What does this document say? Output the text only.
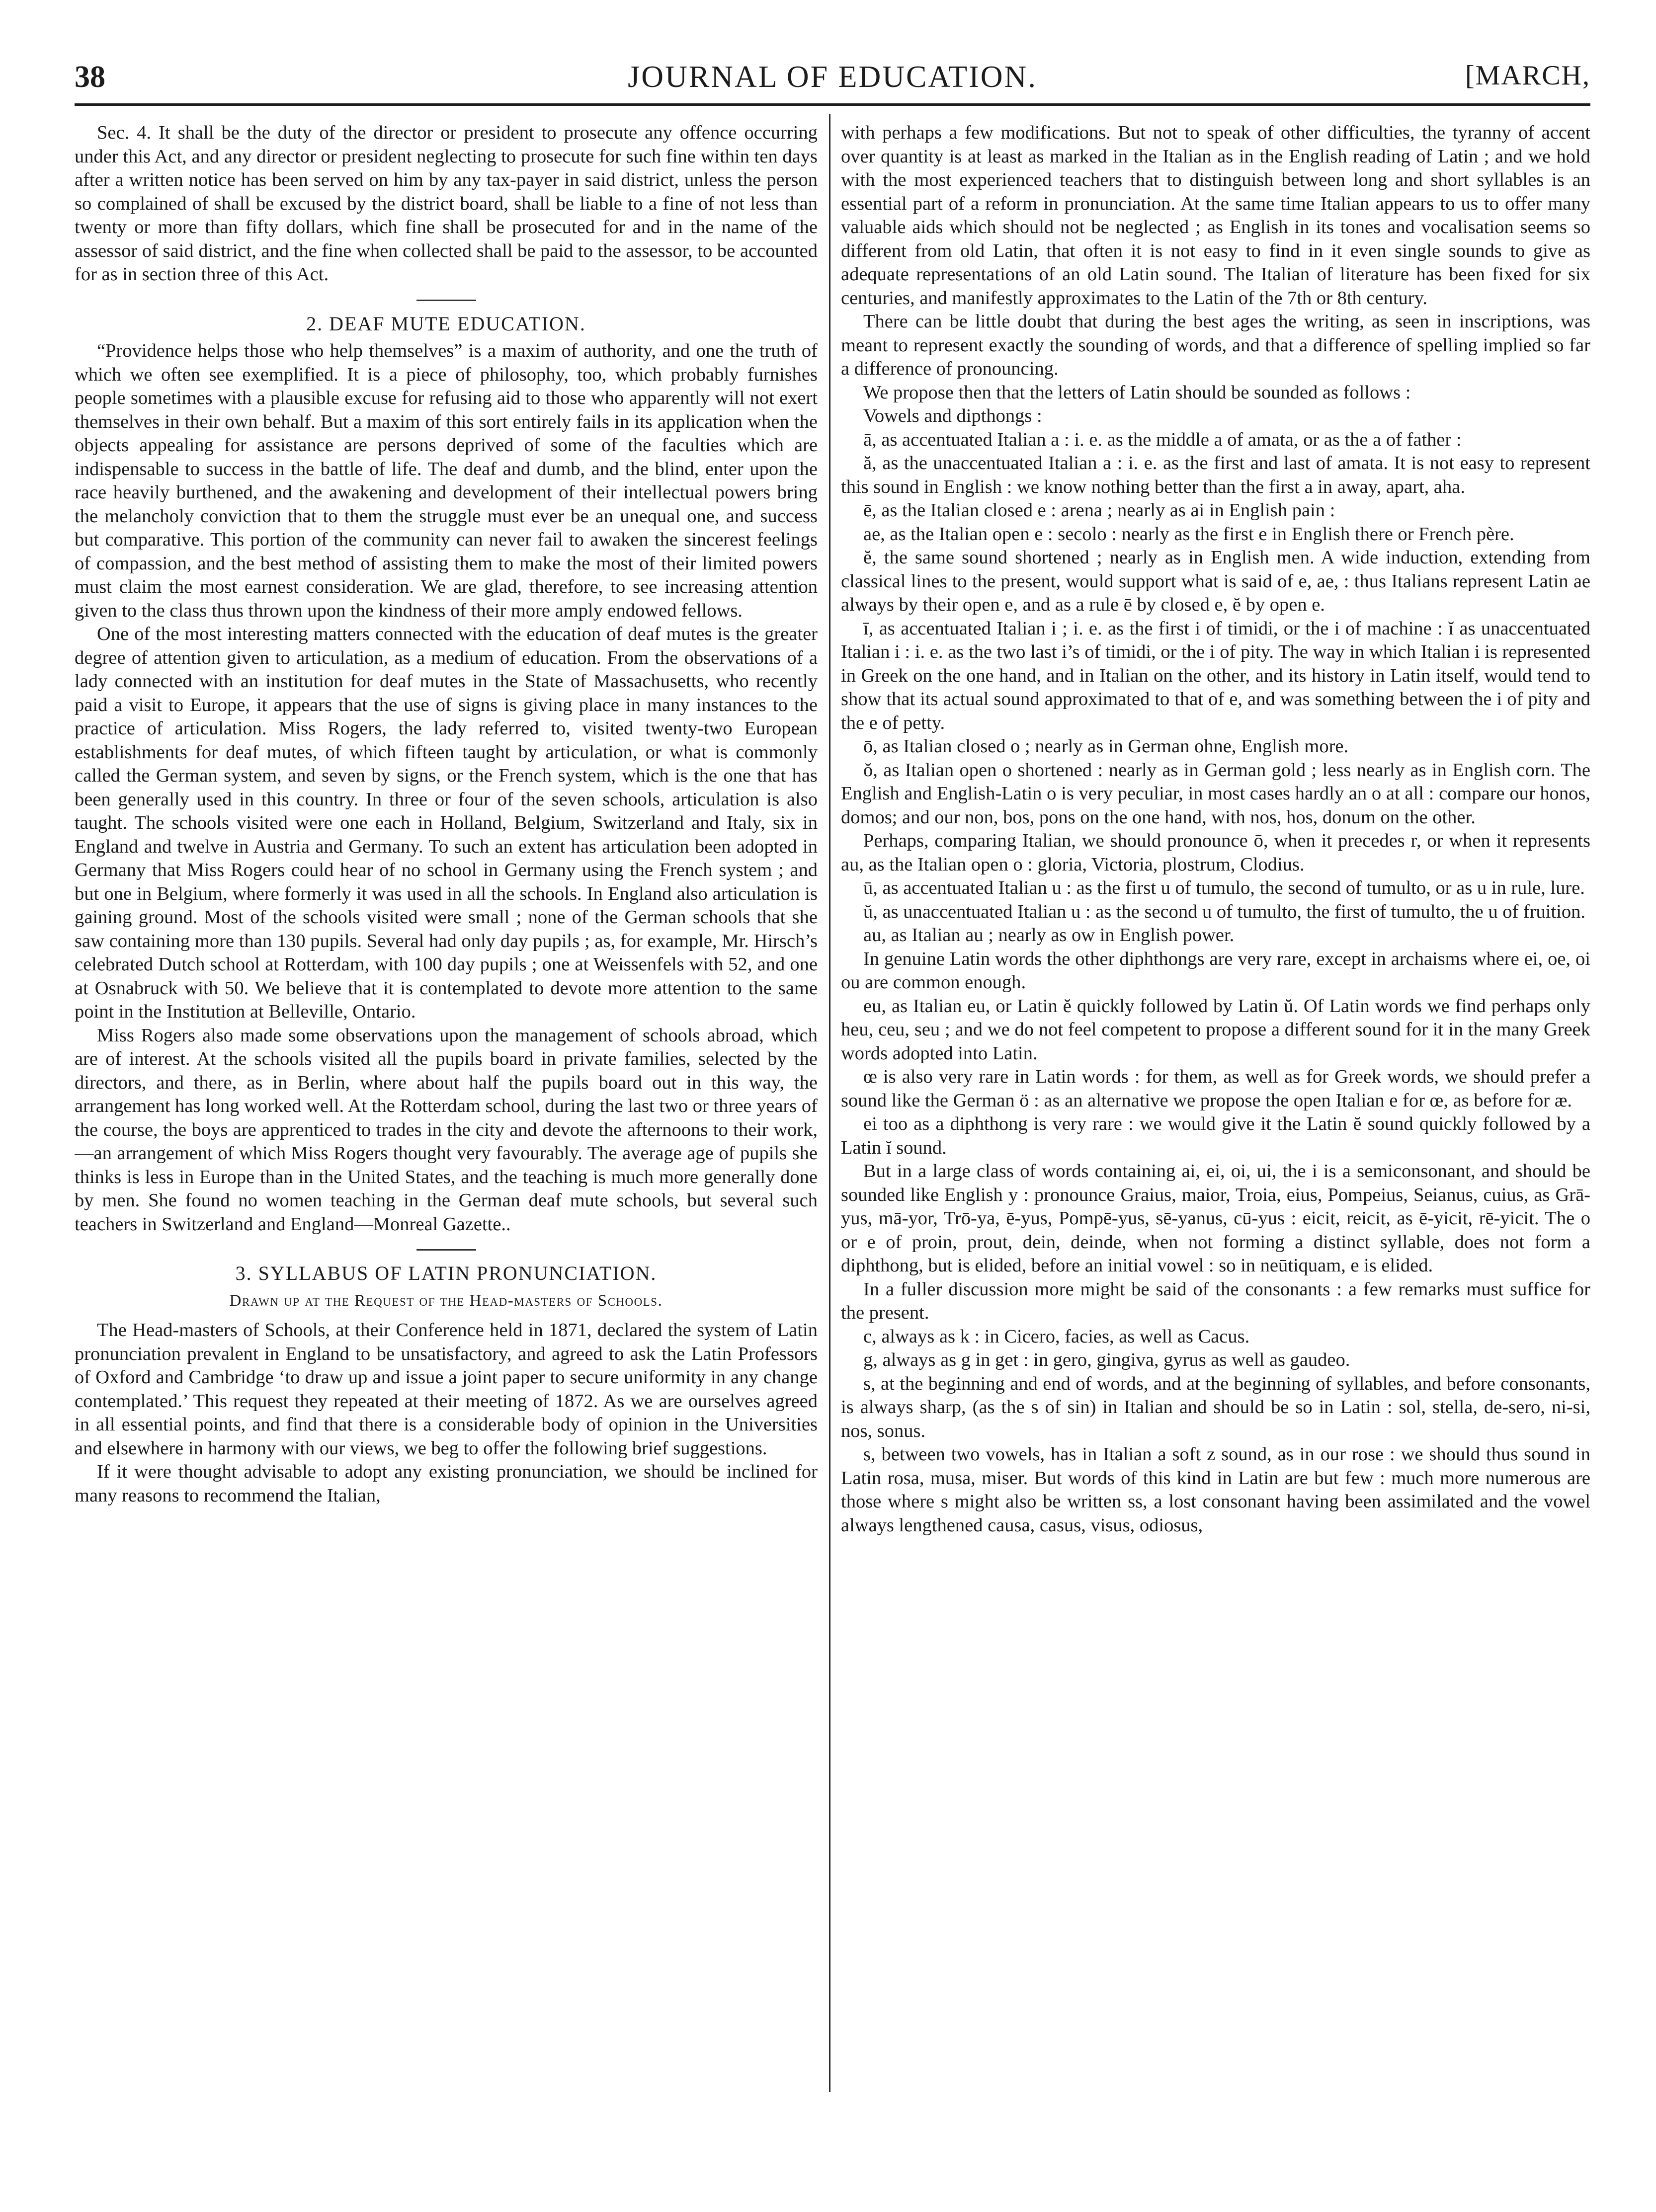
38	JOURNAL OF EDUCATION.	[MARCH,

Sec. 4. It shall be the duty of the director or president to prosecute any offence occurring under this Act, and any director or president neglecting to prosecute for such fine within ten days after a written notice has been served on him by any tax-payer in said district, unless the person so complained of shall be excused by the district board, shall be liable to a fine of not less than twenty or more than fifty dollars, which fine shall be prosecuted for and in the name of the assessor of said district, and the fine when collected shall be paid to the assessor, to be accounted for as in section three of this Act.

2. DEAF MUTE EDUCATION.

“Providence helps those who help themselves” is a maxim of authority, and one the truth of which we often see exemplified. It is a piece of philosophy, too, which probably furnishes people sometimes with a plausible excuse for refusing aid to those who apparently will not exert themselves in their own behalf. But a maxim of this sort entirely fails in its application when the objects appealing for assistance are persons deprived of some of the faculties which are indispensable to success in the battle of life. The deaf and dumb, and the blind, enter upon the race heavily burthened, and the awakening and development of their intellectual powers bring the melancholy conviction that to them the struggle must ever be an unequal one, and success but comparative. This portion of the community can never fail to awaken the sincerest feelings of compassion, and the best method of assisting them to make the most of their limited powers must claim the most earnest consideration. We are glad, therefore, to see increasing attention given to the class thus thrown upon the kindness of their more amply endowed fellows.

One of the most interesting matters connected with the education of deaf mutes is the greater degree of attention given to articulation, as a medium of education. From the observations of a lady connected with an institution for deaf mutes in the State of Massachusetts, who recently paid a visit to Europe, it appears that the use of signs is giving place in many instances to the practice of articulation. Miss Rogers, the lady referred to, visited twenty-two European establishments for deaf mutes, of which fifteen taught by articulation, or what is commonly called the German system, and seven by signs, or the French system, which is the one that has been generally used in this country. In three or four of the seven schools, articulation is also taught. The schools visited were one each in Holland, Belgium, Switzerland and Italy, six in England and twelve in Austria and Germany. To such an extent has articulation been adopted in Germany that Miss Rogers could hear of no school in Germany using the French system ; and but one in Belgium, where formerly it was used in all the schools. In England also articulation is gaining ground. Most of the schools visited were small ; none of the German schools that she saw containing more than 130 pupils. Several had only day pupils ; as, for example, Mr. Hirsch’s celebrated Dutch school at Rotterdam, with 100 day pupils ; one at Weissenfels with 52, and one at Osnabruck with 50. We believe that it is contemplated to devote more attention to the same point in the Institution at Belleville, Ontario.

Miss Rogers also made some observations upon the management of schools abroad, which are of interest. At the schools visited all the pupils board in private families, selected by the directors, and there, as in Berlin, where about half the pupils board out in this way, the arrangement has long worked well. At the Rotterdam school, during the last two or three years of the course, the boys are apprenticed to trades in the city and devote the afternoons to their work,—an arrangement of which Miss Rogers thought very favourably. The average age of pupils she thinks is less in Europe than in the United States, and the teaching is much more generally done by men. She found no women teaching in the German deaf mute schools, but several such teachers in Switzerland and England—Monreal Gazette..

3. SYLLABUS OF LATIN PRONUNCIATION.
Drawn up at the Request of the Head-masters of Schools.

The Head-masters of Schools, at their Conference held in 1871, declared the system of Latin pronunciation prevalent in England to be unsatisfactory, and agreed to ask the Latin Professors of Oxford and Cambridge ‘to draw up and issue a joint paper to secure uniformity in any change contemplated.’ This request they repeated at their meeting of 1872. As we are ourselves agreed in all essential points, and find that there is a considerable body of opinion in the Universities and elsewhere in harmony with our views, we beg to offer the following brief suggestions.

If it were thought advisable to adopt any existing pronunciation, we should be inclined for many reasons to recommend the Italian,

with perhaps a few modifications. But not to speak of other difficulties, the tyranny of accent over quantity is at least as marked in the Italian as in the English reading of Latin ; and we hold with the most experienced teachers that to distinguish between long and short syllables is an essential part of a reform in pronunciation. At the same time Italian appears to us to offer many valuable aids which should not be neglected ; as English in its tones and vocalisation seems so different from old Latin, that often it is not easy to find in it even single sounds to give as adequate representations of an old Latin sound. The Italian of literature has been fixed for six centuries, and manifestly approximates to the Latin of the 7th or 8th century.

There can be little doubt that during the best ages the writing, as seen in inscriptions, was meant to represent exactly the sounding of words, and that a difference of spelling implied so far a difference of pronouncing.

We propose then that the letters of Latin should be sounded as follows :

Vowels and dipthongs :

ā, as accentuated Italian a : i. e. as the middle a of amata, or as the a of father :

ă, as the unaccentuated Italian a : i. e. as the first and last of amata. It is not easy to represent this sound in English : we know nothing better than the first a in away, apart, aha.

ē, as the Italian closed e : arena ; nearly as ai in English pain :

ae, as the Italian open e : secolo : nearly as the first e in English there or French père.

ĕ, the same sound shortened ; nearly as in English men. A wide induction, extending from classical lines to the present, would support what is said of e, ae, : thus Italians represent Latin ae always by their open e, and as a rule ē by closed e, ĕ by open e.

ī, as accentuated Italian i ; i. e. as the first i of timidi, or the i of machine : ĭ as unaccentuated Italian i : i. e. as the two last i’s of timidi, or the i of pity. The way in which Italian i is represented in Greek on the one hand, and in Italian on the other, and its history in Latin itself, would tend to show that its actual sound approximated to that of e, and was something between the i of pity and the e of petty.

ō, as Italian closed o ; nearly as in German ohne, English more.

ŏ, as Italian open o shortened : nearly as in German gold ; less nearly as in English corn. The English and English-Latin o is very peculiar, in most cases hardly an o at all : compare our honos, domos; and our non, bos, pons on the one hand, with nos, hos, donum on the other.

Perhaps, comparing Italian, we should pronounce ō, when it precedes r, or when it represents au, as the Italian open o : gloria, Victoria, plostrum, Clodius.

ū, as accentuated Italian u : as the first u of tumulo, the second of tumulto, or as u in rule, lure.

ŭ, as unaccentuated Italian u : as the second u of tumulto, the first of tumulto, the u of fruition.

au, as Italian au ; nearly as ow in English power.

In genuine Latin words the other diphthongs are very rare, except in archaisms where ei, oe, oi ou are common enough.

eu, as Italian eu, or Latin ĕ quickly followed by Latin ŭ. Of Latin words we find perhaps only heu, ceu, seu ; and we do not feel competent to propose a different sound for it in the many Greek words adopted into Latin.

œ is also very rare in Latin words : for them, as well as for Greek words, we should prefer a sound like the German ö : as an alternative we propose the open Italian e for œ, as before for æ.

ei too as a diphthong is very rare : we would give it the Latin ĕ sound quickly followed by a Latin ĭ sound.

But in a large class of words containing ai, ei, oi, ui, the i is a semiconsonant, and should be sounded like English y : pronounce Graius, maior, Troia, eius, Pompeius, Seianus, cuius, as Grā-yus, mā-yor, Trō-ya, ē-yus, Pompē-yus, sē-yanus, cū-yus : eicit, reicit, as ē-yicit, rē-yicit. The o or e of proin, prout, dein, deinde, when not forming a distinct syllable, does not form a diphthong, but is elided, before an initial vowel : so in neūtiquam, e is elided.

In a fuller discussion more might be said of the consonants : a few remarks must suffice for the present.

c, always as k : in Cicero, facies, as well as Cacus.

g, always as g in get : in gero, gingiva, gyrus as well as gaudeo.

s, at the beginning and end of words, and at the beginning of syllables, and before consonants, is always sharp, (as the s of sin) in Italian and should be so in Latin : sol, stella, de-sero, ni-si, nos, sonus.

s, between two vowels, has in Italian a soft z sound, as in our rose : we should thus sound in Latin rosa, musa, miser. But words of this kind in Latin are but few : much more numerous are those where s might also be written ss, a lost consonant having been assimilated and the vowel always lengthened causa, casus, visus, odiosus,
